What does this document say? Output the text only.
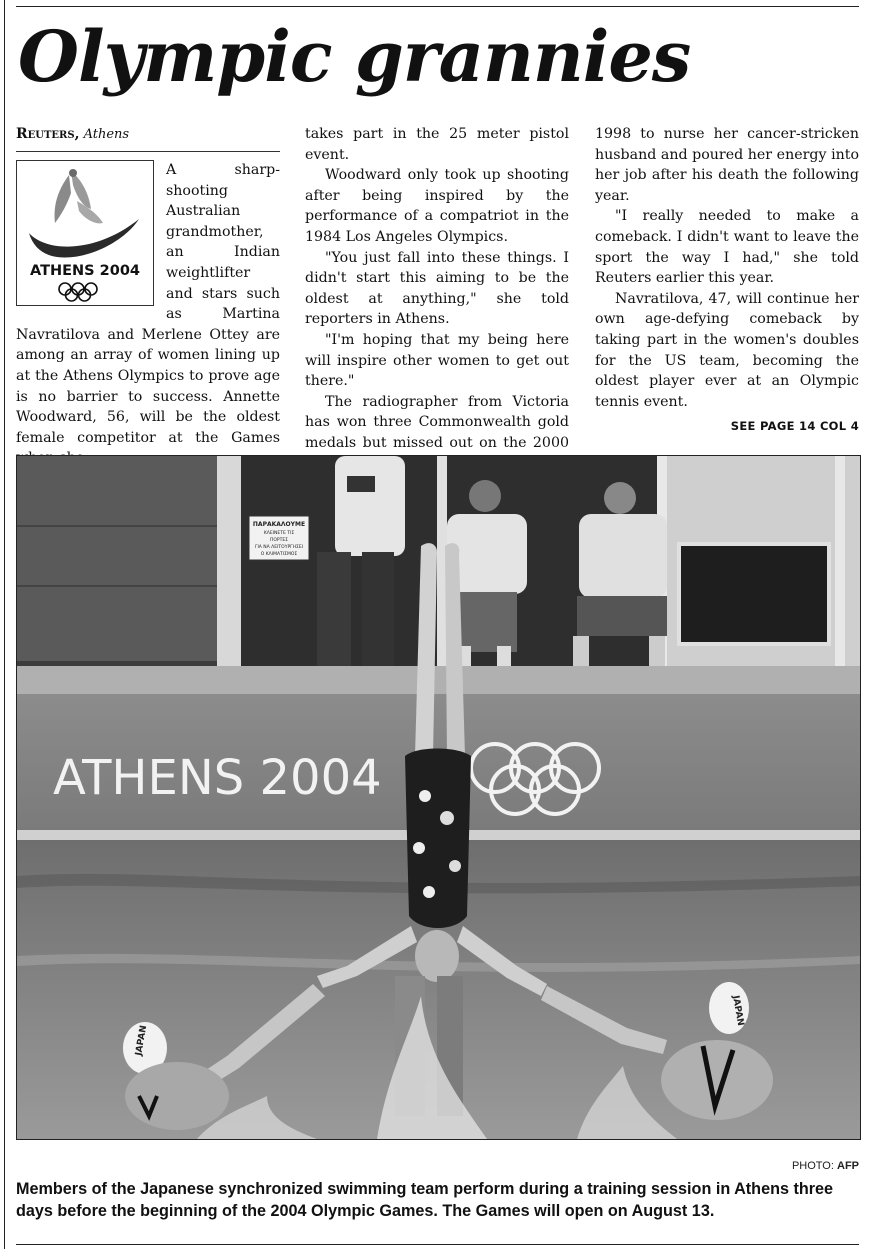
Olympic grannies
Reuters, Athens
ATHENS 2004

A sharp-shooting Australian grandmother, an Indian weightlifter and stars such as Martina Navratilova and Merlene Ottey are among an array of women lining up at the Athens Olympics to prove age is no barrier to success. Annette Woodward, 56, will be the oldest female competitor at the Games

takes part in the 25 meter pistol event.

Woodward only took up shooting after being inspired by the performance of a compatriot in the 1984 Los Angeles Olympics.

"You just fall into these things. I didn't start this aiming to be the oldest at anything," she told reporters in Athens.

"I'm hoping that my being here will inspire other women to get out there."

The radiographer from Victoria has won three Commonwealth gold medals but missed out on the 2000

1998 to nurse her cancer-stricken husband and poured her energy into her job after his death the following year.

"I really needed to make a comeback. I didn't want to leave the sport the way I had," she told Reuters earlier this year.

Navratilova, 47, will continue her own age-defying comeback by taking part in the women's doubles for the US team, becoming the oldest player ever at an Olympic tennis event.

SEE PAGE 14 COL 4
ΠΑΡΑΚΑΛΟΥΜΕ
ΚΛΕΙΝΕΤΕ ΤΙΣ
ΠΟΡΤΕΣ
ΓΙΑ ΝΑ ΛΕΙΤΟΥΡΓΗΣΕΙ
Ο ΚΛΙΜΑΤΙΣΜΟΣ
ATHENS 2004
JAPAN
JAPAN
PHOTO: AFP

Members of the Japanese synchronized swimming team perform during a training session in Athens three days before the beginning of the 2004 Olympic Games. The Games will open on August 13.
